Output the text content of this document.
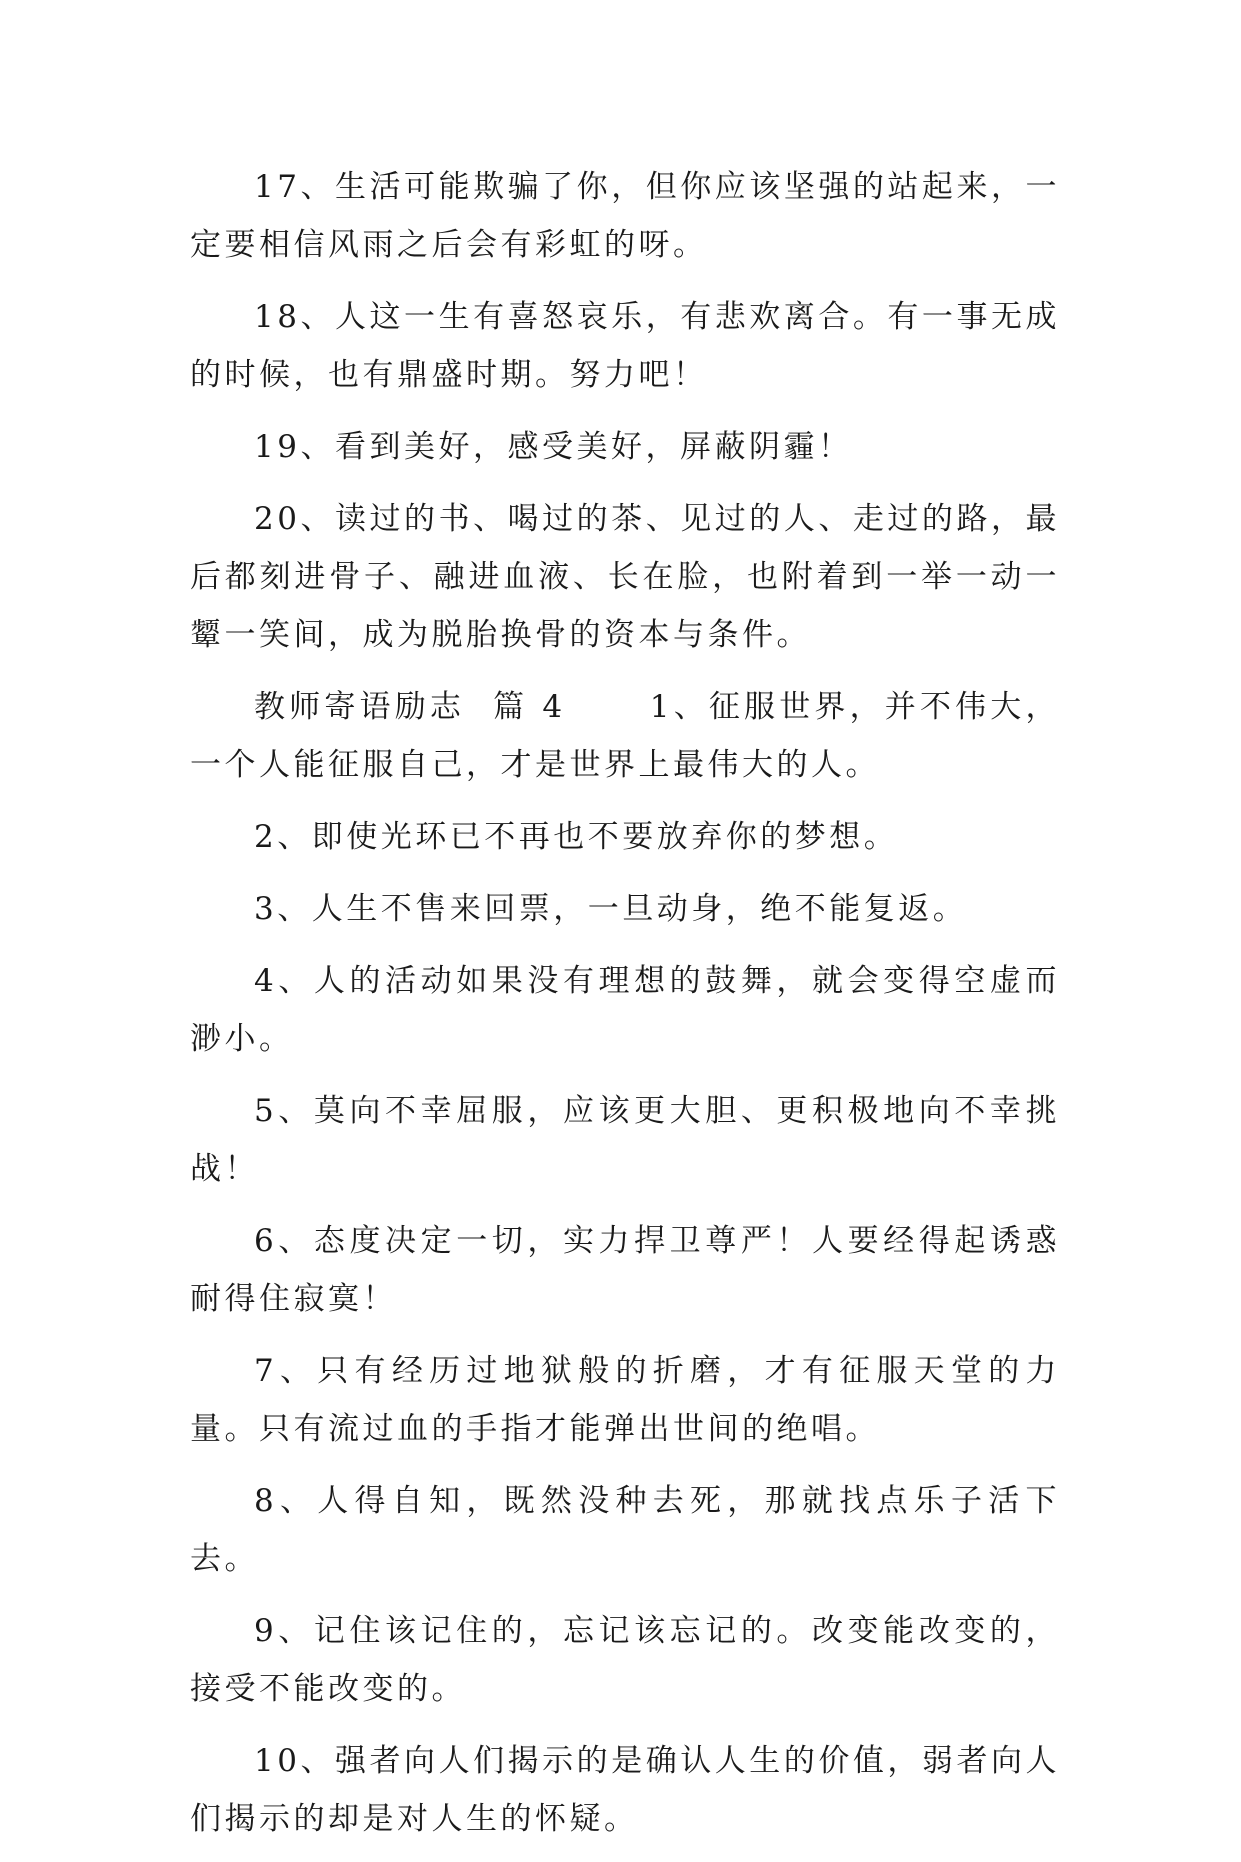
17、生活可能欺骗了你，但你应该坚强的站起来，一定要相信风雨之后会有彩虹的呀。

18、人这一生有喜怒哀乐，有悲欢离合。有一事无成的时候，也有鼎盛时期。努力吧！

19、看到美好，感受美好，屏蔽阴霾！

20、读过的书、喝过的茶、见过的人、走过的路，最后都刻进骨子、融进血液、长在脸，也附着到一举一动一颦一笑间，成为脱胎换骨的资本与条件。

教师寄语励志  篇 4      1、征服世界，并不伟大，一个人能征服自己，才是世界上最伟大的人。

2、即使光环已不再也不要放弃你的梦想。

3、人生不售来回票，一旦动身，绝不能复返。

4、人的活动如果没有理想的鼓舞，就会变得空虚而渺小。

5、莫向不幸屈服，应该更大胆、更积极地向不幸挑战！

6、态度决定一切，实力捍卫尊严！人要经得起诱惑耐得住寂寞！

7、只有经历过地狱般的折磨，才有征服天堂的力量。只有流过血的手指才能弹出世间的绝唱。

8、人得自知，既然没种去死，那就找点乐子活下去。

9、记住该记住的，忘记该忘记的。改变能改变的，接受不能改变的。

10、强者向人们揭示的是确认人生的价值，弱者向人们揭示的却是对人生的怀疑。
